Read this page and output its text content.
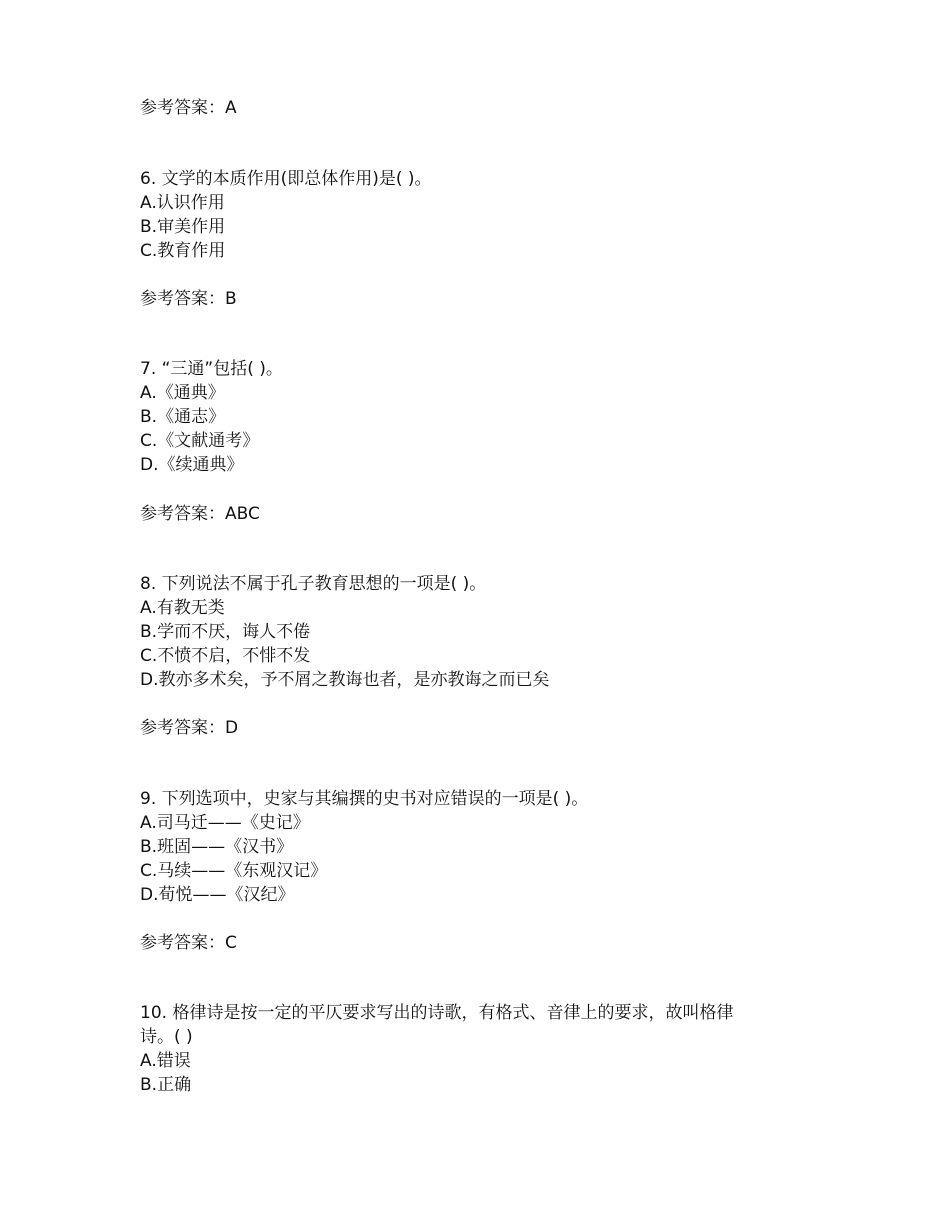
参考答案：A
6. 文学的本质作用(即总体作用)是( )。
A.认识作用
B.审美作用
C.教育作用
参考答案：B
7. “三通”包括( )。
A.《通典》
B.《通志》
C.《文献通考》
D.《续通典》
参考答案：ABC
8. 下列说法不属于孔子教育思想的一项是( )。
A.有教无类
B.学而不厌，诲人不倦
C.不愤不启，不悱不发
D.教亦多术矣，予不屑之教诲也者，是亦教诲之而已矣
参考答案：D
9. 下列选项中，史家与其编撰的史书对应错误的一项是( )。
A.司马迁——《史记》
B.班固——《汉书》
C.马续——《东观汉记》
D.荀悦——《汉纪》
参考答案：C
10. 格律诗是按一定的平仄要求写出的诗歌，有格式、音律上的要求，故叫格律
诗。( )
A.错误
B.正确
